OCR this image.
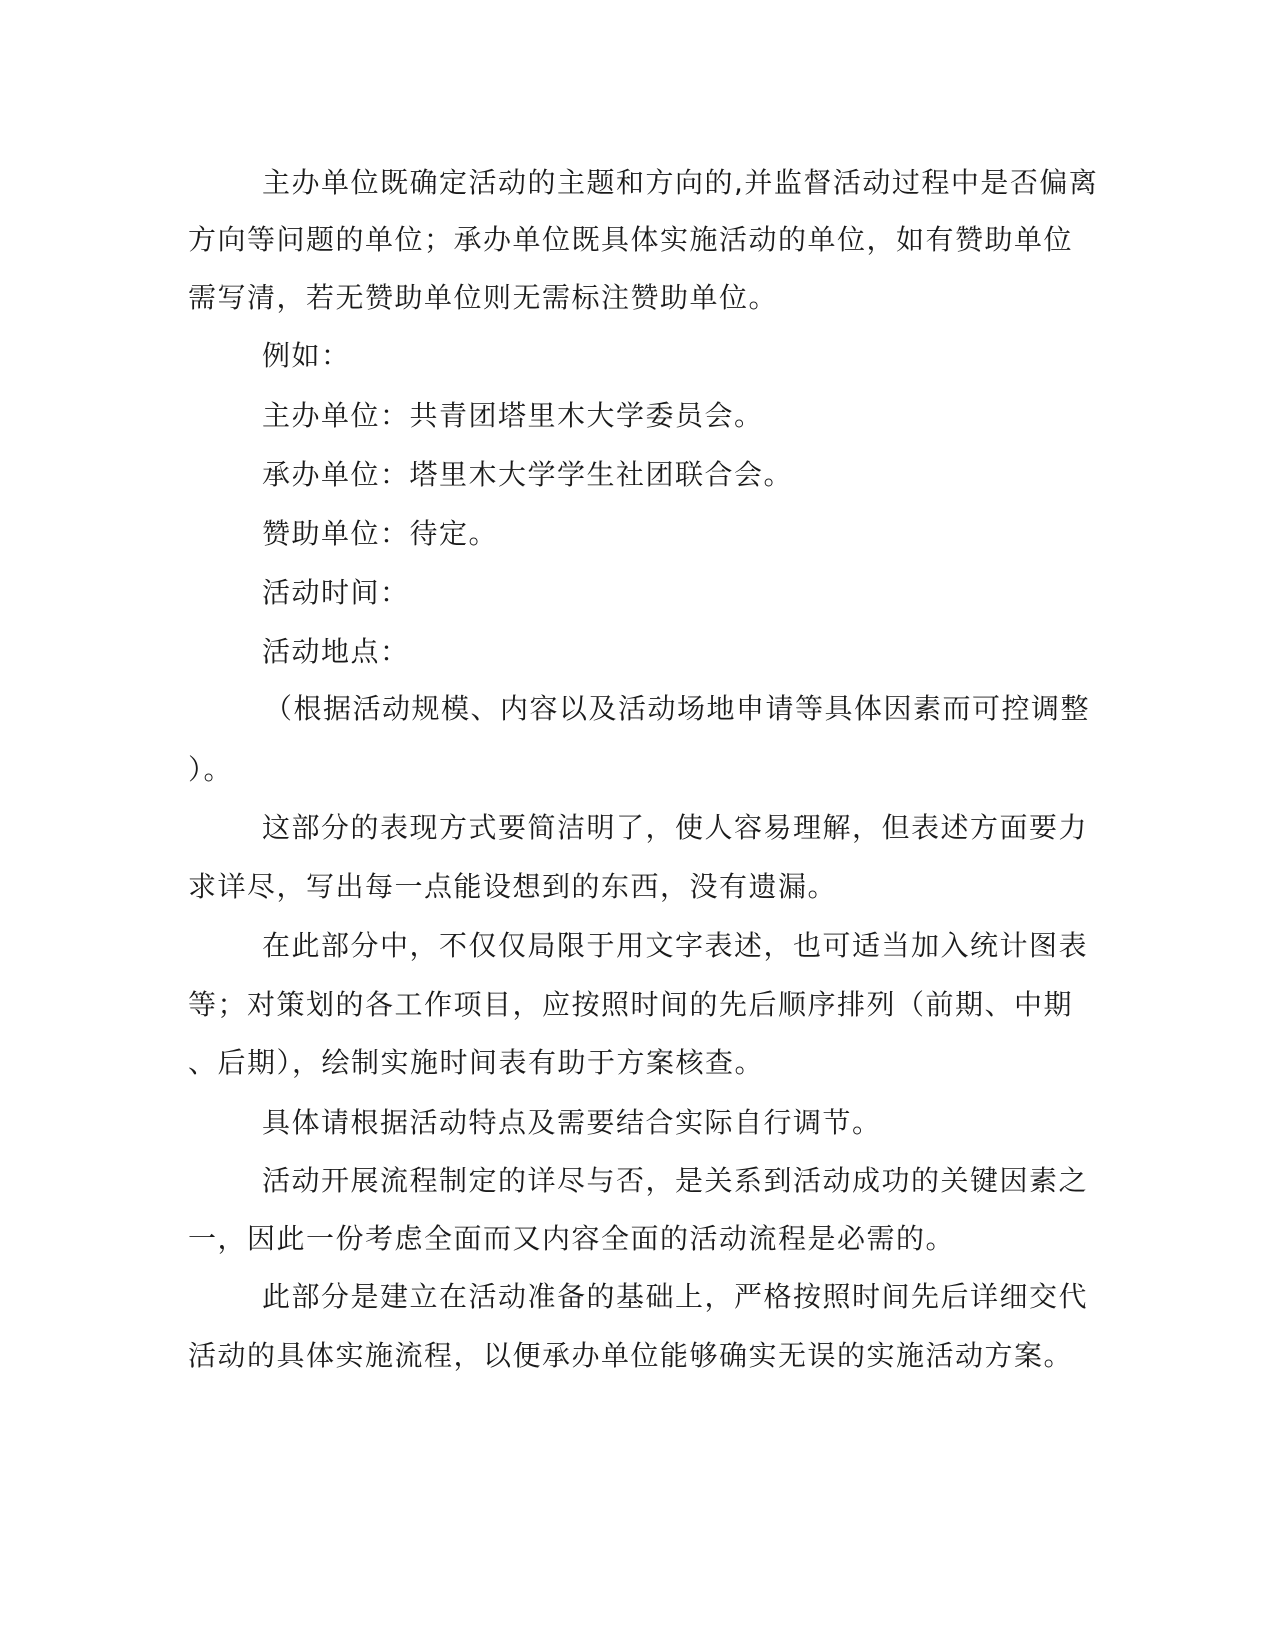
主办单位既确定活动的主题和方向的,并监督活动过程中是否偏离
方向等问题的单位；承办单位既具体实施活动的单位，如有赞助单位
需写清，若无赞助单位则无需标注赞助单位。
例如：
主办单位：共青团塔里木大学委员会。
承办单位：塔里木大学学生社团联合会。
赞助单位：待定。
活动时间：
活动地点：
（根据活动规模、内容以及活动场地申请等具体因素而可控调整
）。
这部分的表现方式要简洁明了，使人容易理解，但表述方面要力
求详尽，写出每一点能设想到的东西，没有遗漏。
在此部分中，不仅仅局限于用文字表述，也可适当加入统计图表
等；对策划的各工作项目，应按照时间的先后顺序排列（前期、中期
、后期），绘制实施时间表有助于方案核查。
具体请根据活动特点及需要结合实际自行调节。
活动开展流程制定的详尽与否，是关系到活动成功的关键因素之
一，因此一份考虑全面而又内容全面的活动流程是必需的。
此部分是建立在活动准备的基础上，严格按照时间先后详细交代
活动的具体实施流程，以便承办单位能够确实无误的实施活动方案。
